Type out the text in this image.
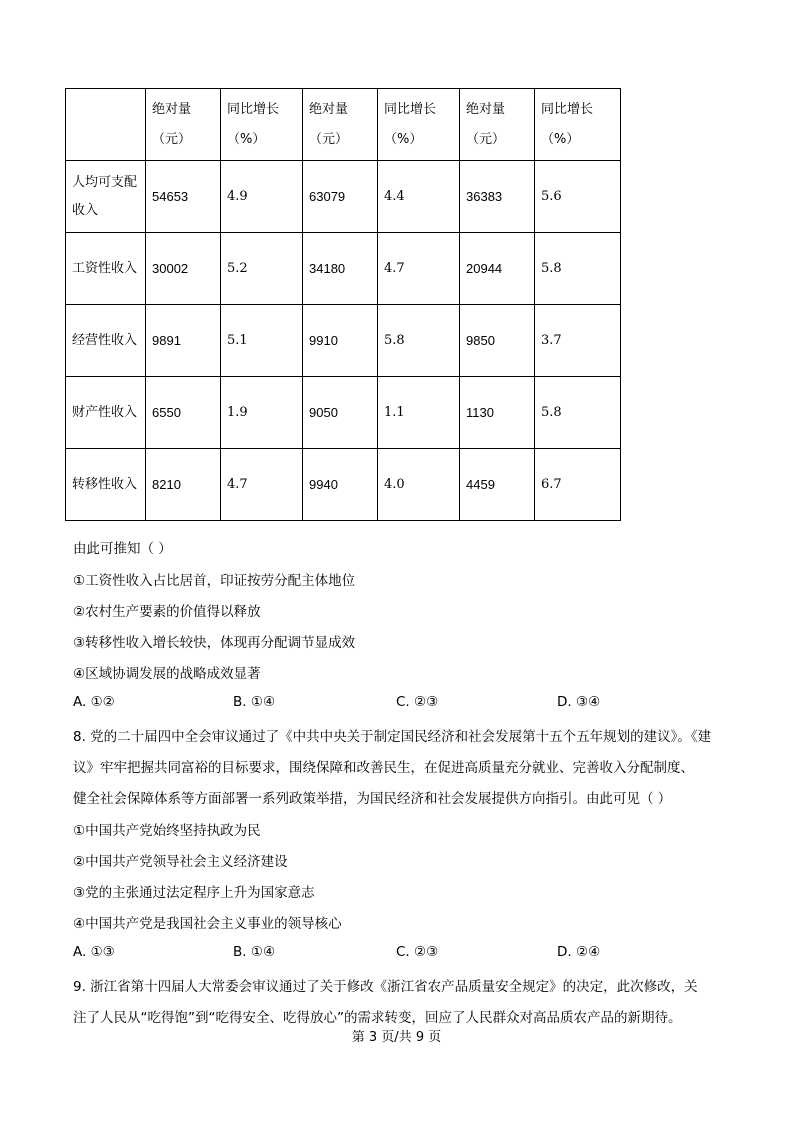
	绝对量（元）	同比增长（%）	绝对量（元）	同比增长（%）	绝对量（元）	同比增长（%）

人均可支配收入	54653	4.9	63079	4.4	36383	5.6
工资性收入	30002	5.2	34180	4.7	20944	5.8
经营性收入	9891	5.1	9910	5.8	9850	3.7
财产性收入	6550	1.9	9050	1.1	1130	5.8
转移性收入	8210	4.7	9940	4.0	4459	6.7
由此可推知（ ）
①工资性收入占比居首，印证按劳分配主体地位
②农村生产要素的价值得以释放
③转移性收入增长较快，体现再分配调节显成效
④区域协调发展的战略成效显著
A. ①②	B. ①④	C. ②③	D. ③④
8. 党的二十届四中全会审议通过了《中共中央关于制定国民经济和社会发展第十五个五年规划的建议》。《建
议》牢牢把握共同富裕的目标要求，围绕保障和改善民生，在促进高质量充分就业、完善收入分配制度、
健全社会保障体系等方面部署一系列政策举措，为国民经济和社会发展提供方向指引。由此可见（ ）
①中国共产党始终坚持执政为民
②中国共产党领导社会主义经济建设
③党的主张通过法定程序上升为国家意志
④中国共产党是我国社会主义事业的领导核心
A. ①③	B. ①④	C. ②③	D. ②④
9. 浙江省第十四届人大常委会审议通过了关于修改《浙江省农产品质量安全规定》的决定，此次修改，关
注了人民从“吃得饱”到“吃得安全、吃得放心”的需求转变，回应了人民群众对高品质农产品的新期待。
第 3 页/共 9 页
